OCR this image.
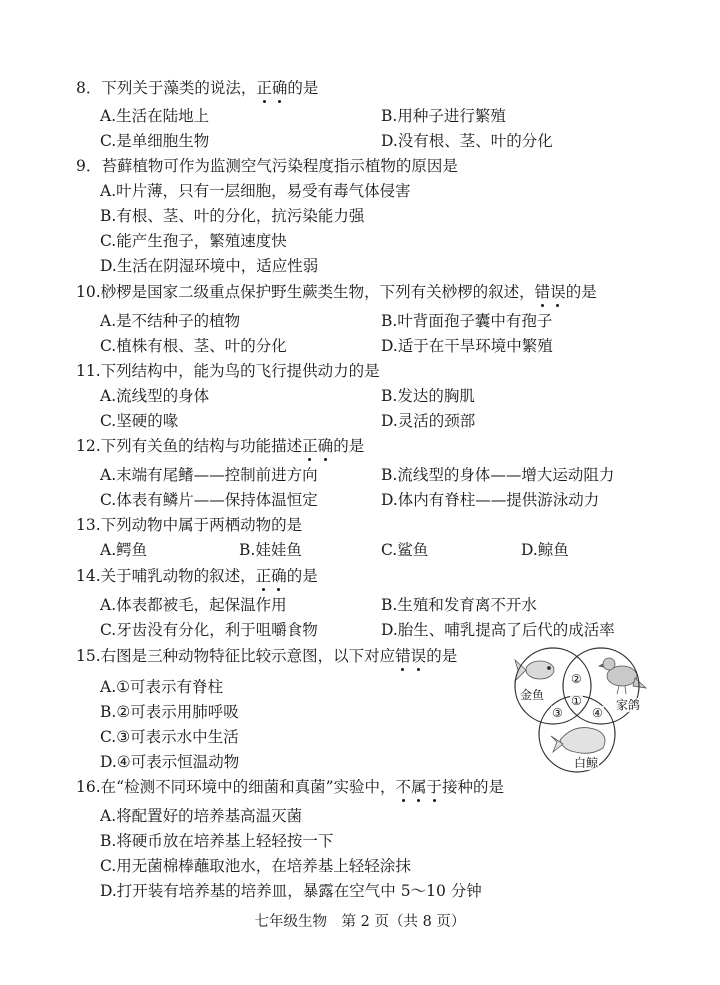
8．下列关于藻类的说法，正确的是
A.生活在陆地上	B.用种子进行繁殖
C.是单细胞生物	D.没有根、茎、叶的分化
9．苔藓植物可作为监测空气污染程度指示植物的原因是
A.叶片薄，只有一层细胞，易受有毒气体侵害
B.有根、茎、叶的分化，抗污染能力强
C.能产生孢子，繁殖速度快
D.生活在阴湿环境中，适应性弱
10.桫椤是国家二级重点保护野生蕨类生物，下列有关桫椤的叙述，错误的是
A.是不结种子的植物	B.叶背面孢子囊中有孢子
C.植株有根、茎、叶的分化	D.适于在干旱环境中繁殖
11.下列结构中，能为鸟的飞行提供动力的是
A.流线型的身体	B.发达的胸肌
C.坚硬的喙	D.灵活的颈部
12.下列有关鱼的结构与功能描述正确的是
A.末端有尾鳍——控制前进方向	B.流线型的身体——增大运动阻力
C.体表有鳞片——保持体温恒定	D.体内有脊柱——提供游泳动力
13.下列动物中属于两栖动物的是
A.鳄鱼	B.娃娃鱼	C.鲨鱼	D.鲸鱼
14.关于哺乳动物的叙述，正确的是
A.体表都被毛，起保温作用	B.生殖和发育离不开水
C.牙齿没有分化，利于咀嚼食物	D.胎生、哺乳提高了后代的成活率
15.右图是三种动物特征比较示意图，以下对应错误的是
A.①可表示有脊柱
B.②可表示用肺呼吸
C.③可表示水中生活
D.④可表示恒温动物
金鱼
家鸽
白鲸
②
①
③ ④
16.在“检测不同环境中的细菌和真菌”实验中，不属于接种的是
A.将配置好的培养基高温灭菌
B.将硬币放在培养基上轻轻按一下
C.用无菌棉棒蘸取池水，在培养基上轻轻涂抹
D.打开装有培养基的培养皿，暴露在空气中 5～10 分钟
七年级生物　第 2 页（共 8 页）
